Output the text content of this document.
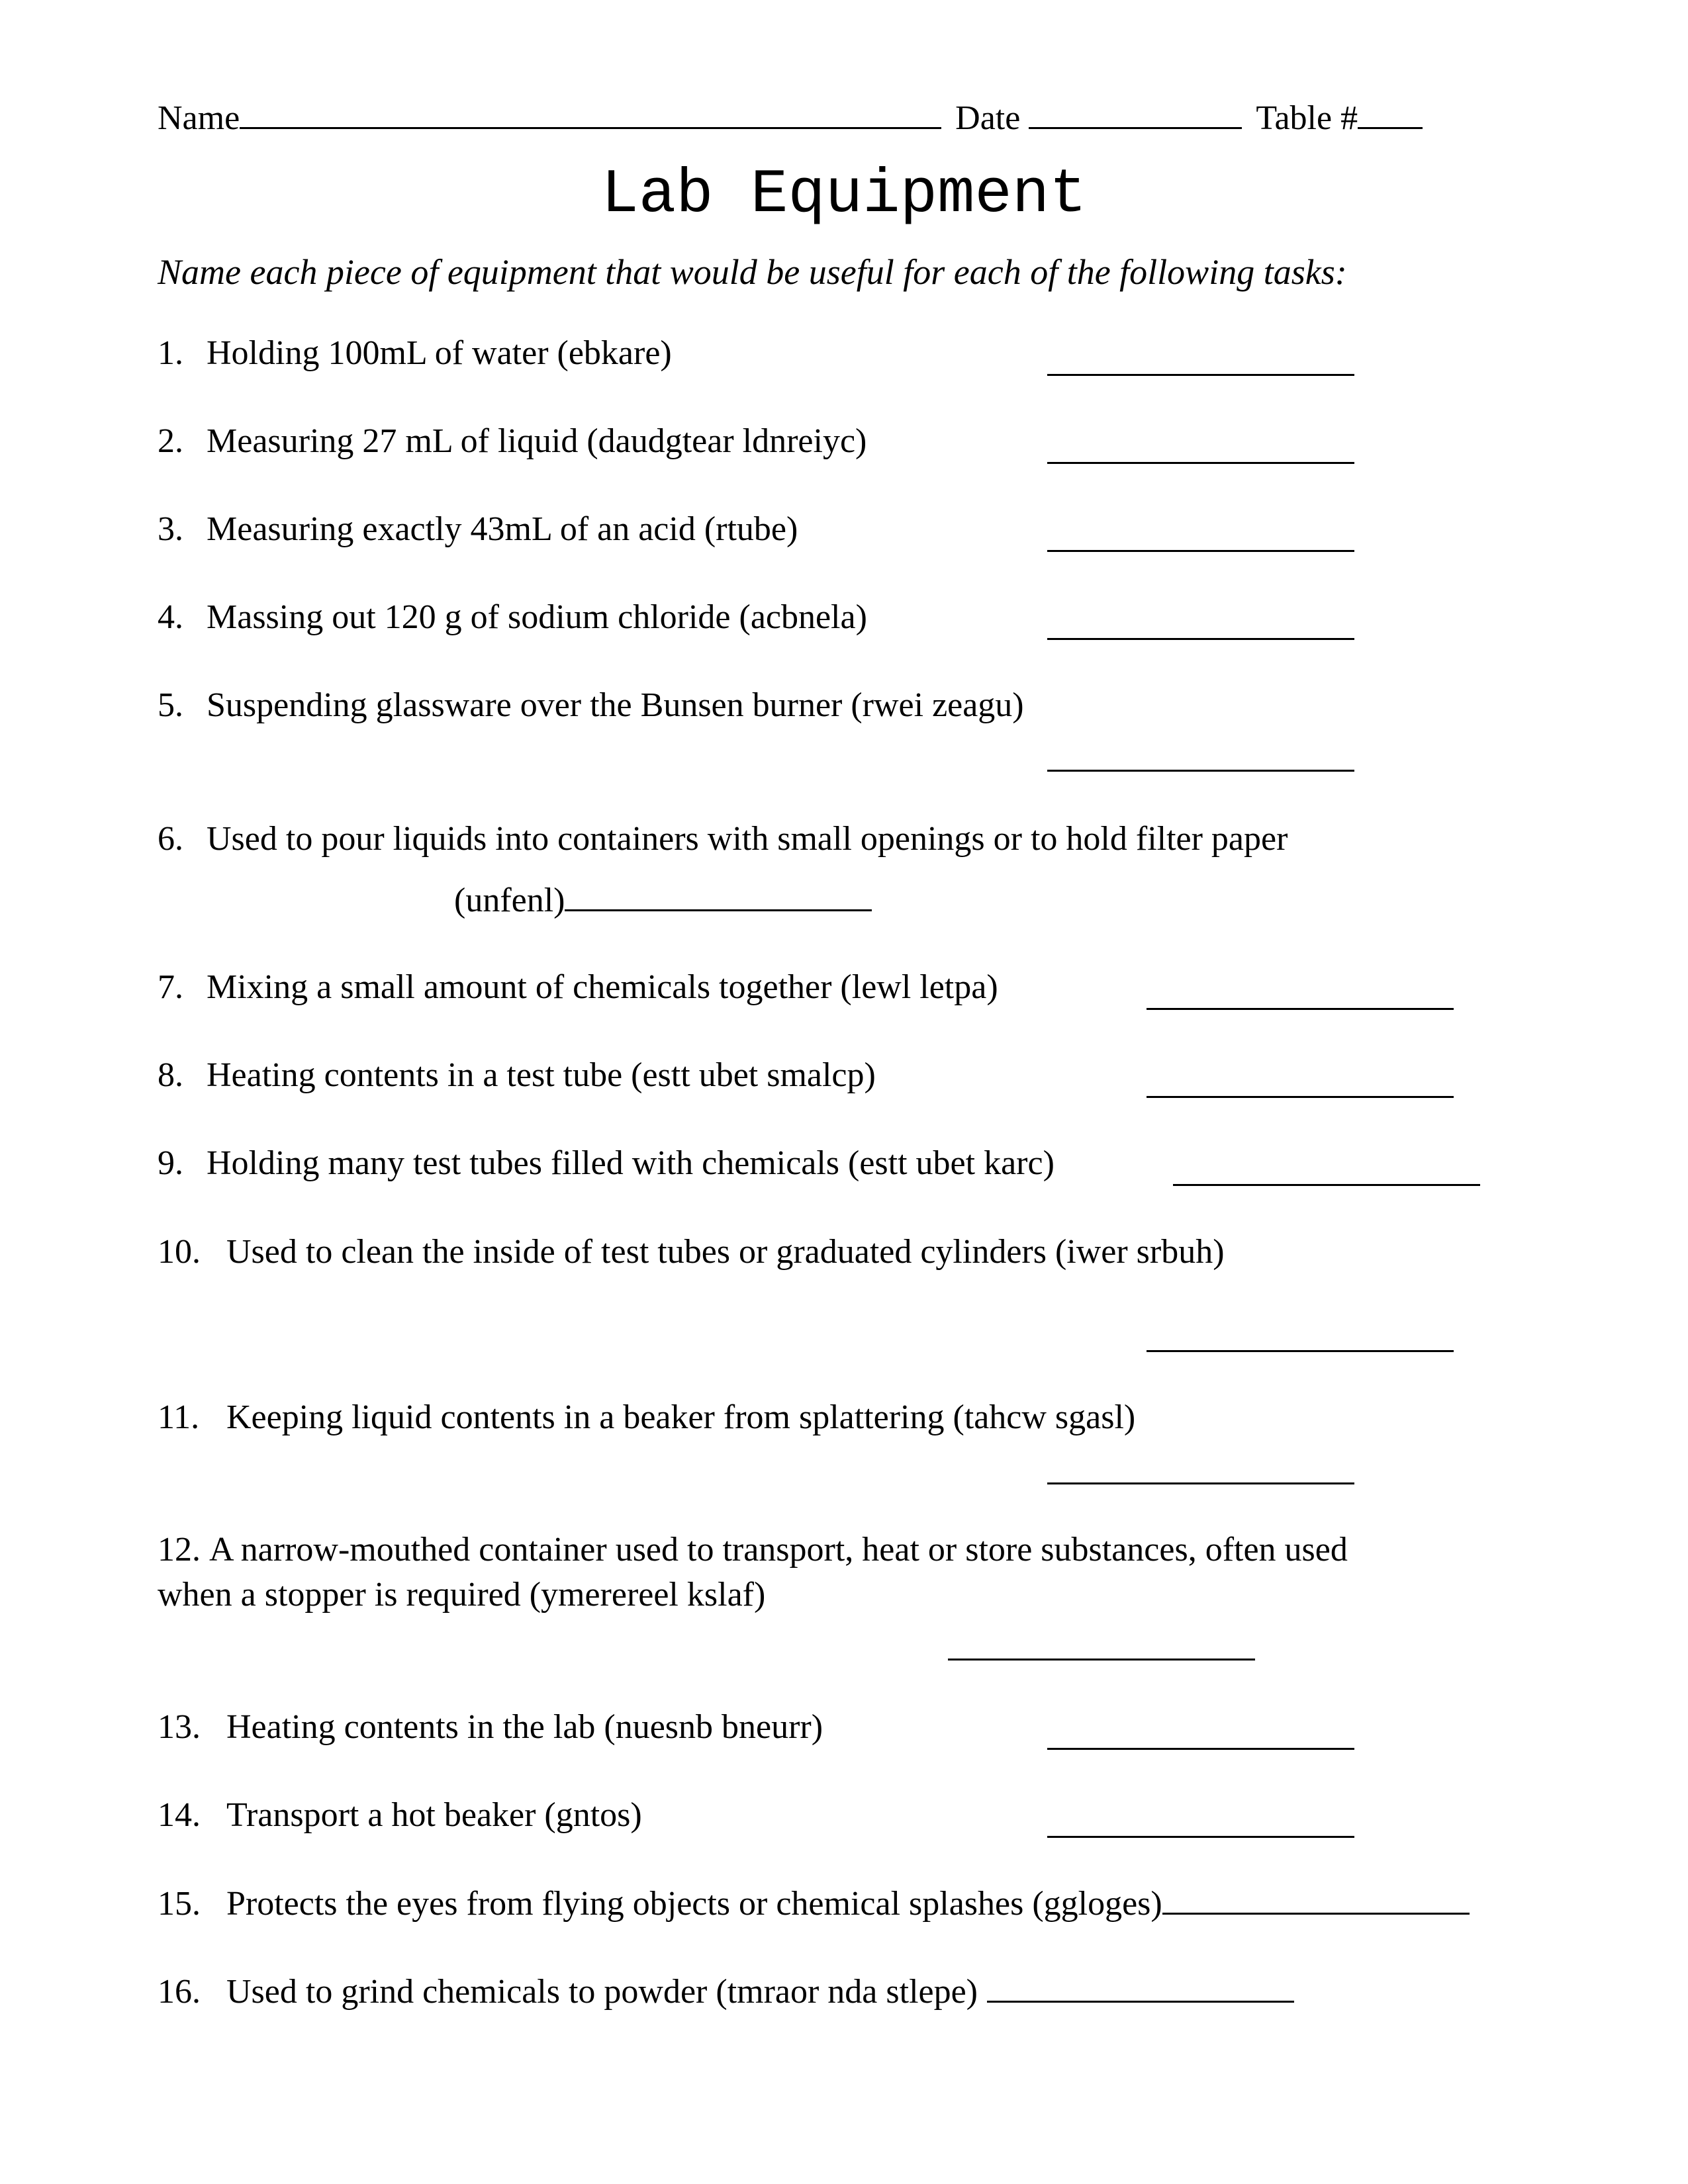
Name	Date	Table #
Lab Equipment
Name each piece of equipment that would be useful for each of the following tasks:
1. Holding 100mL of water (ebkare)
2. Measuring 27 mL of liquid (daudgtear ldnreiyc)
3. Measuring exactly 43mL of an acid (rtube)
4. Massing out 120 g of sodium chloride (acbnela)
5. Suspending glassware over the Bunsen burner (rwei zeagu)
6. Used to pour liquids into containers with small openings or to hold filter paper
(unfenl)
7. Mixing a small amount of chemicals together (lewl letpa)
8. Heating contents in a test tube (estt ubet smalcp)
9. Holding many test tubes filled with chemicals (estt ubet karc)
10. Used to clean the inside of test tubes or graduated cylinders (iwer srbuh)
11. Keeping liquid contents in a beaker from splattering (tahcw sgasl)
12. A narrow-mouthed container used to transport, heat or store substances, often used
when a stopper is required (ymerereel kslaf)
13. Heating contents in the lab (nuesnb bneurr)
14. Transport a hot beaker (gntos)
15. Protects the eyes from flying objects or chemical splashes (ggloges)
16. Used to grind chemicals to powder (tmraor nda stlepe)
